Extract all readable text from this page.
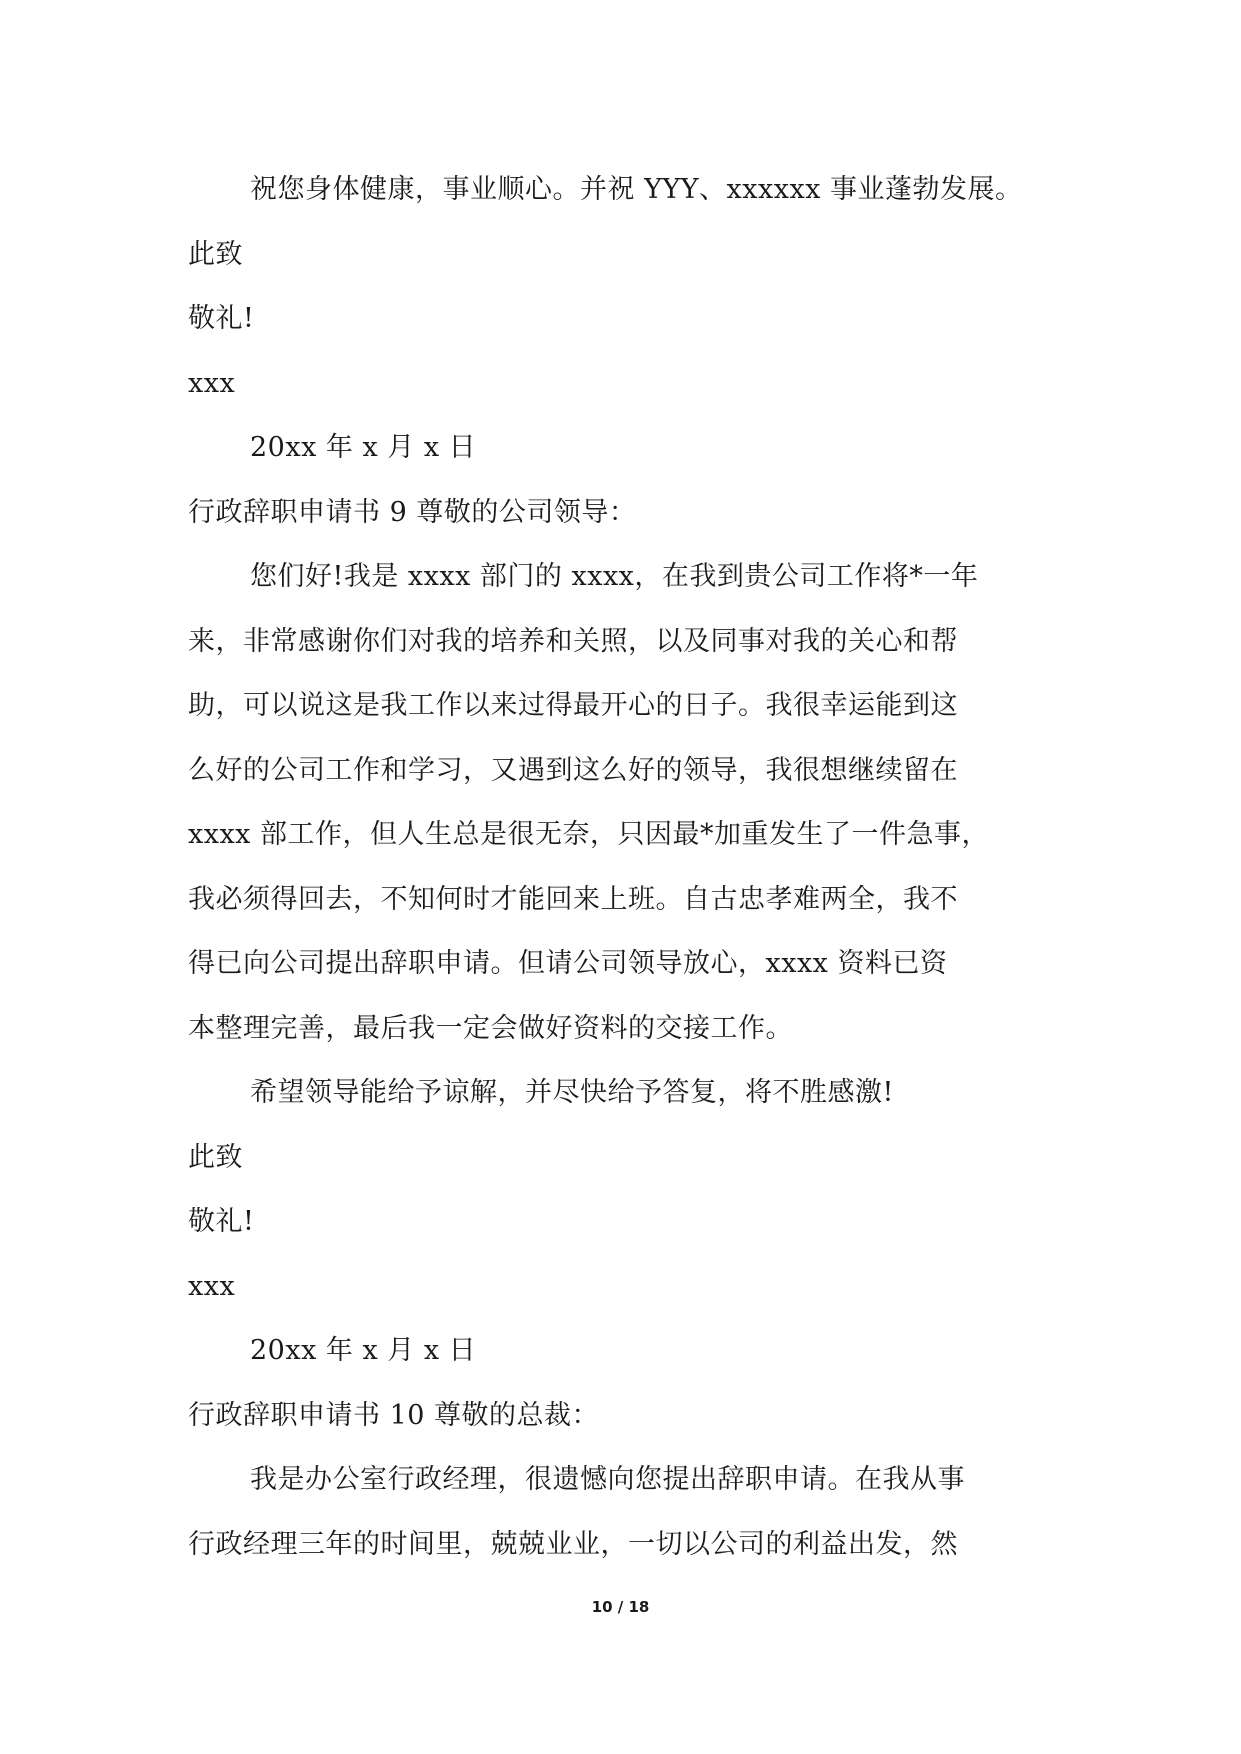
祝您身体健康，事业顺心。并祝 YYY、xxxxxx 事业蓬勃发展。
此致
敬礼!
xxx
20xx 年 x 月 x 日
行政辞职申请书 9 尊敬的公司领导：
您们好!我是 xxxx 部门的 xxxx，在我到贵公司工作将*一年
来，非常感谢你们对我的培养和关照，以及同事对我的关心和帮
助，可以说这是我工作以来过得最开心的日子。我很幸运能到这
么好的公司工作和学习，又遇到这么好的领导，我很想继续留在
xxxx 部工作，但人生总是很无奈，只因最*加重发生了一件急事，
我必须得回去，不知何时才能回来上班。自古忠孝难两全，我不
得已向公司提出辞职申请。但请公司领导放心，xxxx 资料已资
本整理完善，最后我一定会做好资料的交接工作。
希望领导能给予谅解，并尽快给予答复，将不胜感激!
此致
敬礼!
xxx
20xx 年 x 月 x 日
行政辞职申请书 10 尊敬的总裁：
我是办公室行政经理，很遗憾向您提出辞职申请。在我从事
行政经理三年的时间里，兢兢业业，一切以公司的利益出发，然
10 / 18
